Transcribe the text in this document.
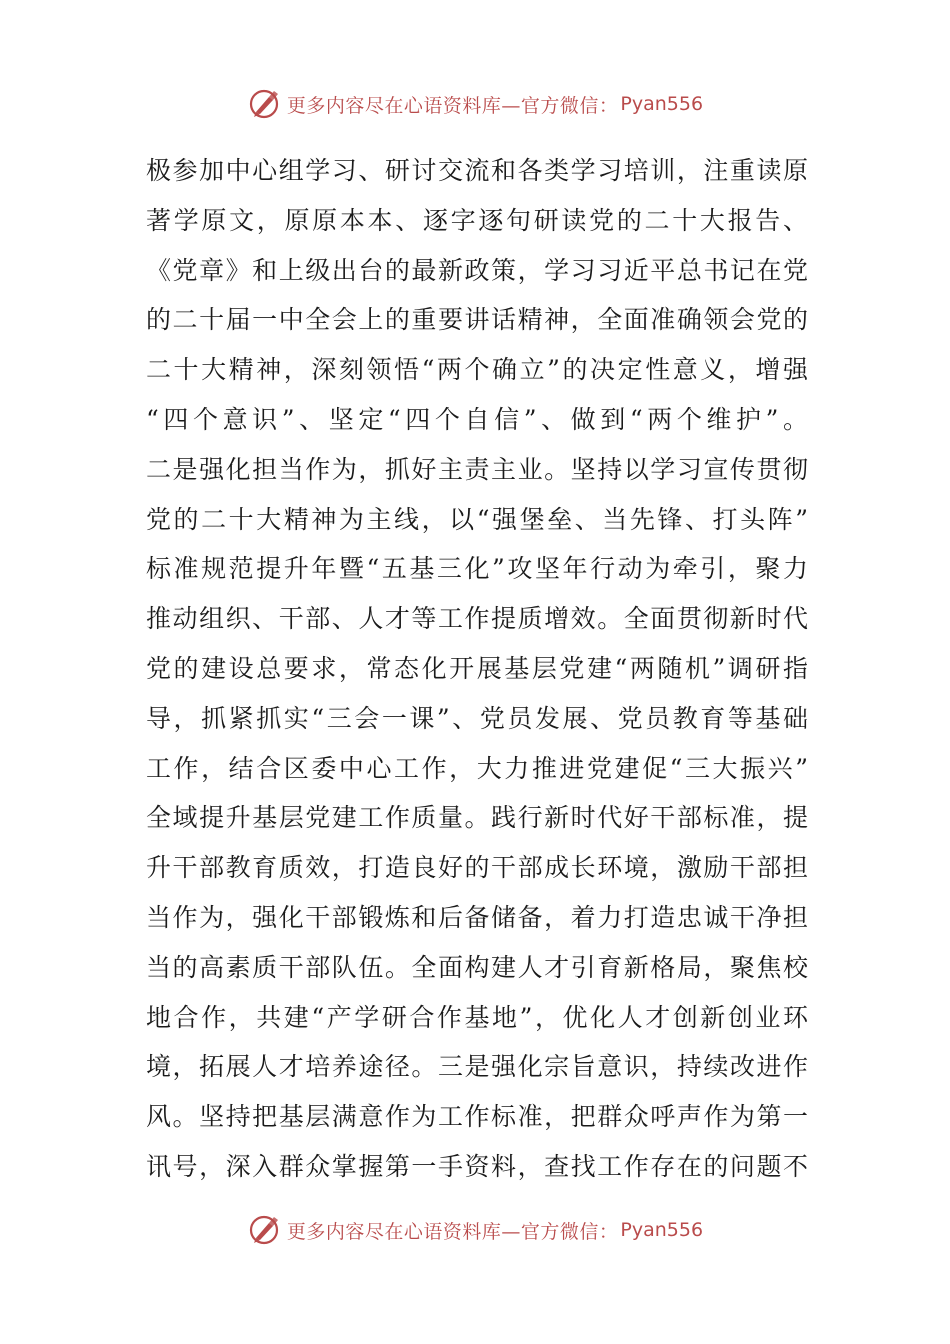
更多内容尽在心语资料库—官方微信： Pyan556
极参加中心组学习、研讨交流和各类学习培训，注重读原
著学原文，原原本本、逐字逐句研读党的二十大报告、
《党章》和上级出台的最新政策，学习习近平总书记在党
的二十届一中全会上的重要讲话精神，全面准确领会党的
二十大精神，深刻领悟“两个确立”的决定性意义，增强
“四个意识”、坚定“四个自信”、做到“两个维护”。
二是强化担当作为，抓好主责主业。坚持以学习宣传贯彻
党的二十大精神为主线，以“强堡垒、当先锋、打头阵”
标准规范提升年暨“五基三化”攻坚年行动为牵引，聚力
推动组织、干部、人才等工作提质增效。全面贯彻新时代
党的建设总要求，常态化开展基层党建“两随机”调研指
导，抓紧抓实“三会一课”、党员发展、党员教育等基础
工作，结合区委中心工作，大力推进党建促“三大振兴”
全域提升基层党建工作质量。践行新时代好干部标准，提
升干部教育质效，打造良好的干部成长环境，激励干部担
当作为，强化干部锻炼和后备储备，着力打造忠诚干净担
当的高素质干部队伍。全面构建人才引育新格局，聚焦校
地合作，共建“产学研合作基地”，优化人才创新创业环
境，拓展人才培养途径。三是强化宗旨意识，持续改进作
风。坚持把基层满意作为工作标准，把群众呼声作为第一
讯号，深入群众掌握第一手资料，查找工作存在的问题不
更多内容尽在心语资料库—官方微信： Pyan556
